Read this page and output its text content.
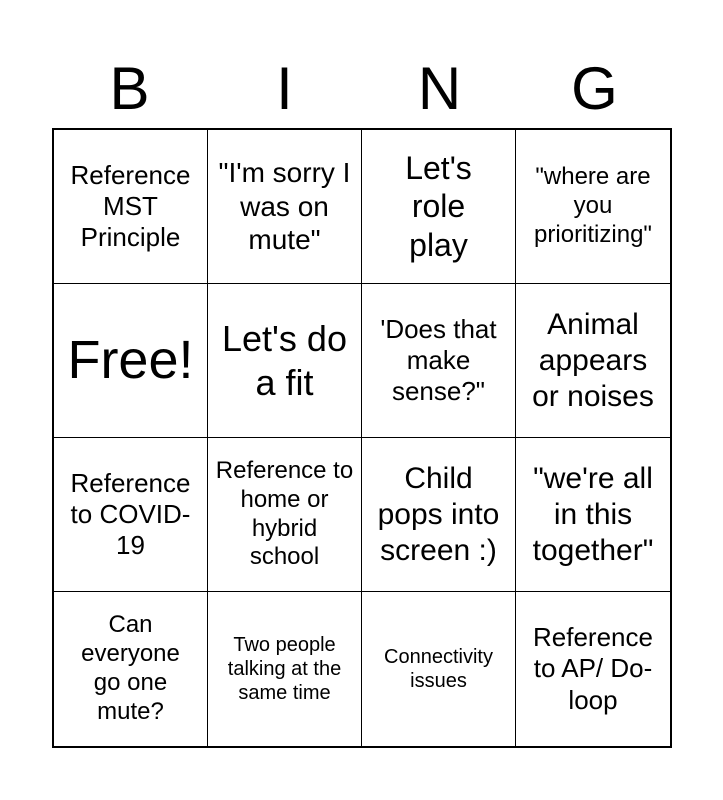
B	I	N	G
Reference MST Principle
"I'm sorry I was on mute"
Let's role play
"where are you prioritizing"
Free! Let's do a fit
'Does that make sense?"
Animal appears or noises
Reference to COVID-19
Reference to home or hybrid school
Child pops into screen :)
"we're all in this together"
Can everyone go one mute?
Two people talking at the same time
Connectivity issues
Reference to AP/ Do-loop
